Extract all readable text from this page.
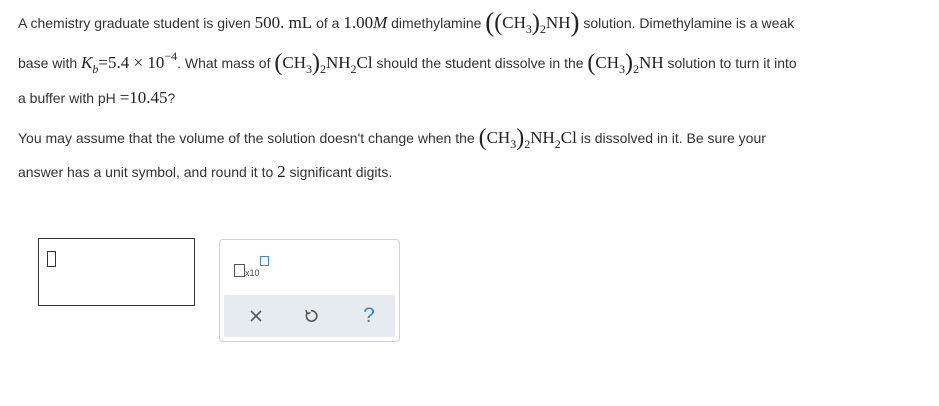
A chemistry graduate student is given 500. mL of a 1.00M dimethylamine ((CH3)2NH) solution. Dimethylamine is a weak
base with Kb=5.4 × 10−4. What mass of (CH3)2NH2Cl should the student dissolve in the (CH3)2NH solution to turn it into
a buffer with pH =10.45?
You may assume that the volume of the solution doesn't change when the (CH3)2NH2Cl is dissolved in it. Be sure your
answer has a unit symbol, and round it to 2 significant digits.
x10
?
